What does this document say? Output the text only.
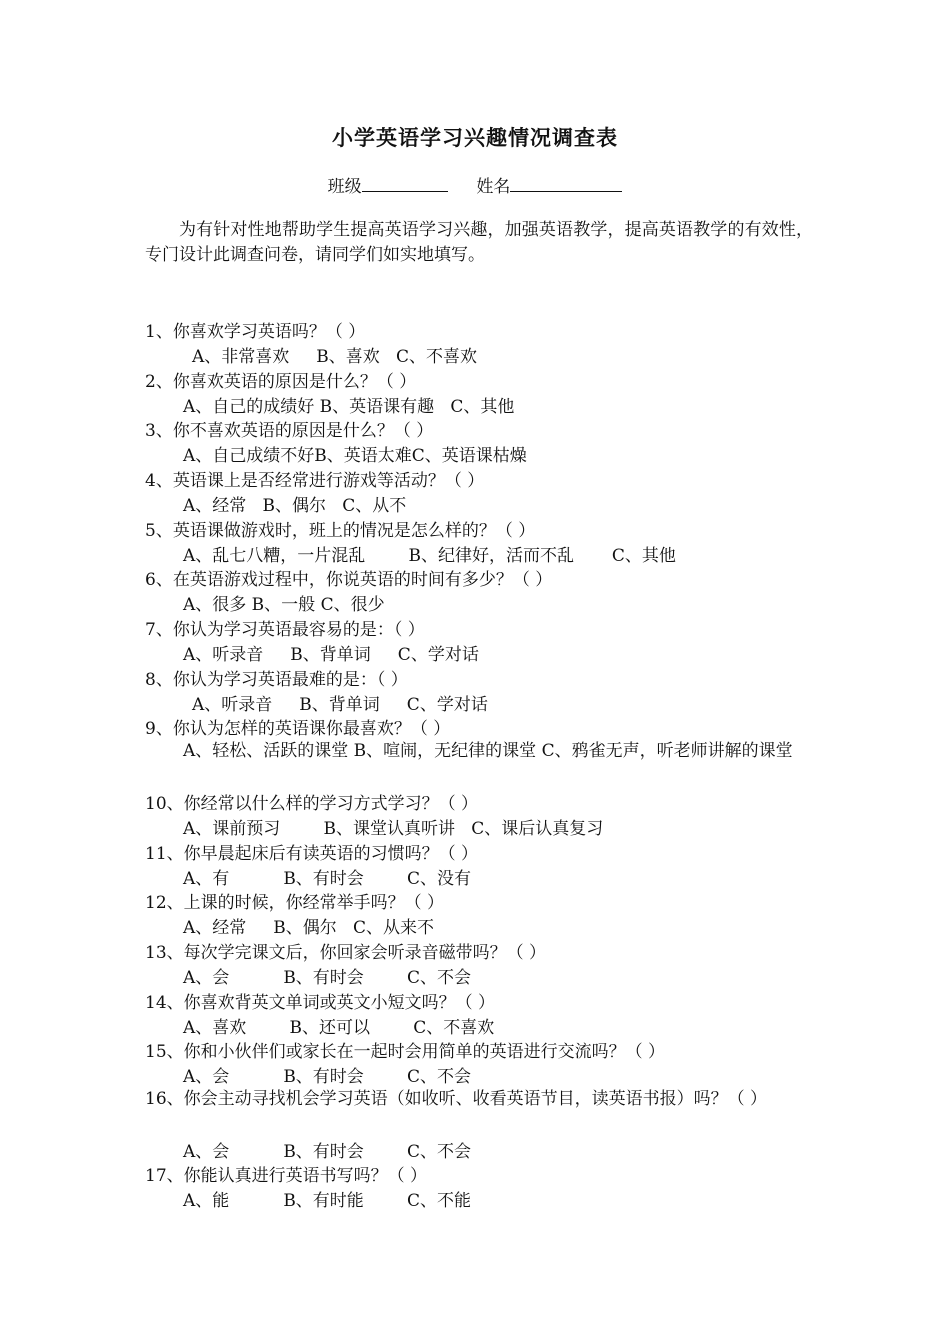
小学英语学习兴趣情况调查表
班级	姓名
为有针对性地帮助学生提高英语学习兴趣，加强英语教学，提高英语教学的有效性，专门设计此调查问卷，请同学们如实地填写。
1、你喜欢学习英语吗？（ ）
A、非常喜欢     B、喜欢   C、不喜欢
2、你喜欢英语的原因是什么？（ ）
A、自己的成绩好 B、英语课有趣   C、其他
3、你不喜欢英语的原因是什么？（ ）
A、自己成绩不好B、英语太难C、英语课枯燥
4、英语课上是否经常进行游戏等活动？（ ）
A、经常   B、偶尔   C、从不
5、英语课做游戏时，班上的情况是怎么样的？（ ）
A、乱七八糟，一片混乱        B、纪律好，活而不乱       C、其他
6、在英语游戏过程中，你说英语的时间有多少？（ ）
A、很多 B、一般 C、很少
7、你认为学习英语最容易的是：（ ）
A、听录音     B、背单词     C、学对话
8、你认为学习英语最难的是：（ ）
A、听录音     B、背单词     C、学对话
9、你认为怎样的英语课你最喜欢？（ ）
A、轻松、活跃的课堂 B、喧闹，无纪律的课堂 C、鸦雀无声，听老师讲解的课堂
10、你经常以什么样的学习方式学习？（ ）
A、课前预习        B、课堂认真听讲   C、课后认真复习
11、你早晨起床后有读英语的习惯吗？（ ）
A、有          B、有时会        C、没有
12、上课的时候，你经常举手吗？（ ）
A、经常     B、偶尔   C、从来不
13、每次学完课文后，你回家会听录音磁带吗？（ ）
A、会          B、有时会        C、不会
14、你喜欢背英文单词或英文小短文吗？（ ）
A、喜欢        B、还可以        C、不喜欢
15、你和小伙伴们或家长在一起时会用简单的英语进行交流吗？（ ）
A、会          B、有时会        C、不会
16、你会主动寻找机会学习英语（如收听、收看英语节目，读英语书报）吗？（ ）
A、会          B、有时会        C、不会
17、你能认真进行英语书写吗？（ ）
A、能          B、有时能        C、不能
